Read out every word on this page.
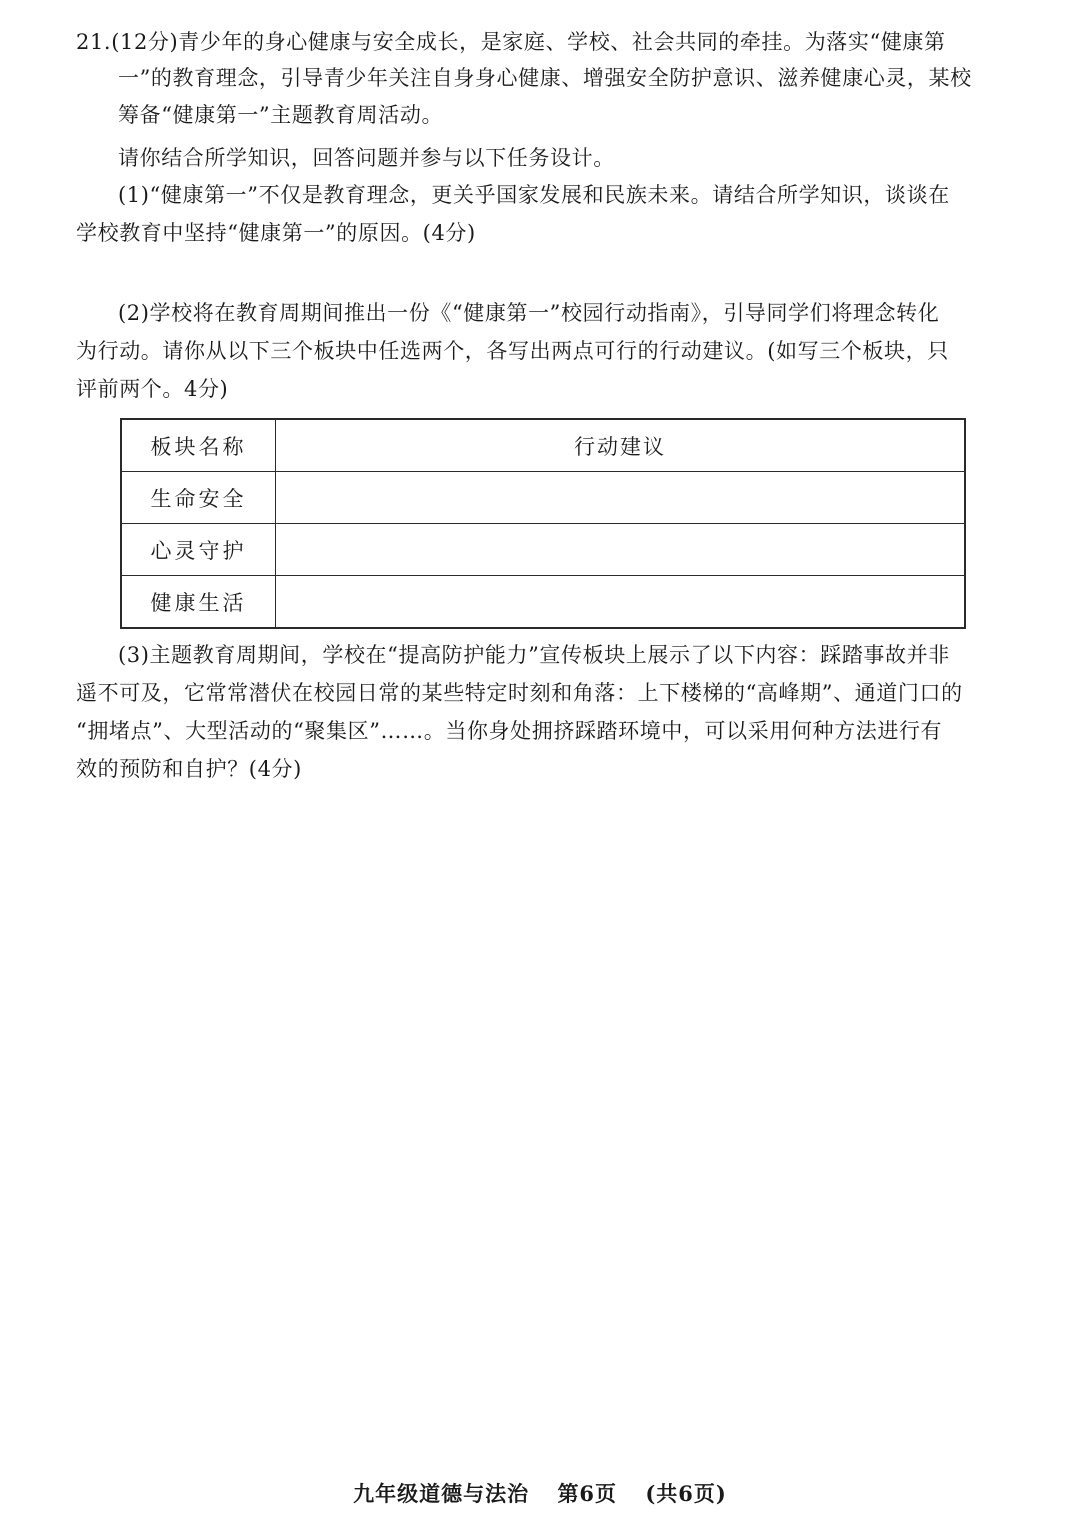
21.(12分)青少年的身心健康与安全成长，是家庭、学校、社会共同的牵挂。为落实“健康第
一”的教育理念，引导青少年关注自身身心健康、增强安全防护意识、滋养健康心灵，某校
筹备“健康第一”主题教育周活动。
请你结合所学知识，回答问题并参与以下任务设计。
(1)“健康第一”不仅是教育理念，更关乎国家发展和民族未来。请结合所学知识，谈谈在
学校教育中坚持“健康第一”的原因。(4分)
(2)学校将在教育周期间推出一份《“健康第一”校园行动指南》，引导同学们将理念转化
为行动。请你从以下三个板块中任选两个，各写出两点可行的行动建议。(如写三个板块，只
评前两个。4分)
板块名称	行动建议
生命安全	
心灵守护	
健康生活	
(3)主题教育周期间，学校在“提高防护能力”宣传板块上展示了以下内容：踩踏事故并非
遥不可及，它常常潜伏在校园日常的某些特定时刻和角落：上下楼梯的“高峰期”、通道门口的
“拥堵点”、大型活动的“聚集区”……。当你身处拥挤踩踏环境中，可以采用何种方法进行有
效的预防和自护？(4分)
九年级道德与法治 第6页 (共6页)
